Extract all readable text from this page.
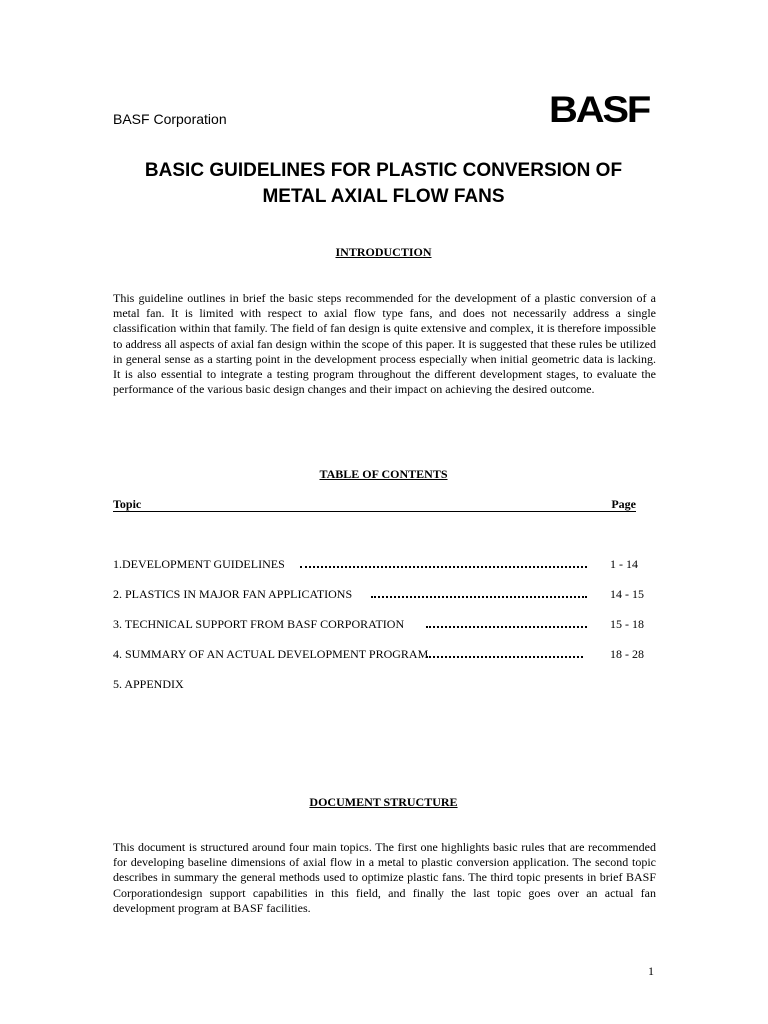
BASF Corporation	BASF
BASIC GUIDELINES FOR PLASTIC CONVERSION OF
METAL AXIAL FLOW FANS
INTRODUCTION

This guideline outlines in brief the basic steps recommended for the development of a plastic conversion of a metal fan. It is limited with respect to axial flow type fans, and does not necessarily address a single classification within that family. The field of fan design is quite extensive and complex, it is therefore impossible to address all aspects of axial fan design within the scope of this paper. It is suggested that these rules be utilized in general sense as a starting point in the development process especially when initial geometric data is lacking. It is also essential to integrate a testing program throughout the different development stages, to evaluate the performance of the various basic design changes and their impact on achieving the desired outcome.

TABLE OF CONTENTS
Topic	Page
1.DEVELOPMENT GUIDELINES	1 - 14
2. PLASTICS IN MAJOR FAN APPLICATIONS	14 - 15
3. TECHNICAL SUPPORT FROM BASF CORPORATION	15 - 18
4. SUMMARY OF AN ACTUAL DEVELOPMENT PROGRAM	18 - 28
5. APPENDIX
DOCUMENT STRUCTURE

This document is structured around four main topics. The first one highlights basic rules that are recommended for developing baseline dimensions of axial flow in a metal to plastic conversion application. The second topic describes in summary the general methods used to optimize plastic fans. The third topic presents in brief BASF Corporationdesign support capabilities in this field, and finally the last topic goes over an actual fan development program at BASF facilities.

1
